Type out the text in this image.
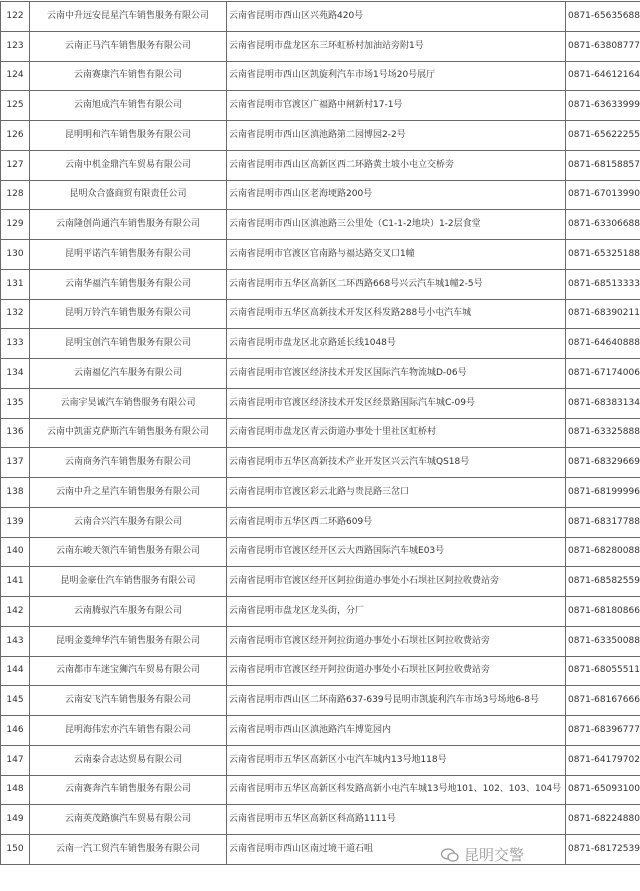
122	云南中升远安昆星汽车销售服务有限公司	云南省昆明市西山区兴苑路420号	0871-65635688
123	云南正马汽车销售服务有限公司	云南省昆明市盘龙区东三环虹桥村加油站旁附1号	0871-63808777
124	云南赛康汽车销售有限公司	云南省昆明市西山区凯旋利汽车市场1号场20号展厅	0871-64612164
125	云南旭成汽车销售有限公司	云南省昆明市官渡区广福路中闸新村17-1号	0871-63633999
126	昆明明和汽车销售服务有限公司	云南省昆明市西山区滇池路第二园博园2-2号	0871-65622255
127	云南中机金鼎汽车贸易有限公司	云南省昆明市西山区高新区西二环路黄土坡小屯立交桥旁	0871-68158857
128	昆明众合盛商贸有限责任公司	云南省昆明市西山区老海埂路200号	0871-67013990
129	云南隆创尚通汽车销售服务有限公司	云南省昆明市西山区滇池路三公里处（C1-1-2地块）1-2层食堂	0871-63306688
130	昆明平诺汽车销售服务有限公司	云南省昆明市官渡区官南路与福达路交叉口1幢	0871-65325188
131	云南华福汽车销售服务有限公司	云南省昆明市五华区高新区二环西路668号兴云汽车城1幢2-5号	0871-68513333
132	昆明万铃汽车销售服务有限公司	云南省昆明市五华区高新技术开发区科发路288号小屯汽车城	0871-68390211
133	昆明宝创汽车销售服务有限公司	云南省昆明市盘龙区北京路延长线1048号	0871-64640888
134	云南福亿汽车服务有限公司	云南省昆明市官渡区经济技术开发区国际汽车物流城D-06号	0871-67174006
135	云南宇昊诚汽车销售服务有限公司	云南省昆明市官渡区经济技术开发区经景路国际汽车城C-09号	0871-68383134
136	云南中凯雷克萨斯汽车销售服务有限公司	云南省昆明市盘龙区青云街道办事处十里社区虹桥村	0871-63325888
137	云南商务汽车销售服务有限公司	云南省昆明市五华区高新技术产业开发区兴云汽车城QS18号	0871-68329669
138	云南中升之星汽车销售服务有限公司	云南省昆明市官渡区彩云北路与贵昆路三岔口	0871-68199996
139	云南合兴汽车服务有限公司	云南省昆明市五华区西二环路609号	0871-68317788
140	云南东峻天领汽车销售服务有限公司	云南省昆明市官渡区经开区云大西路国际汽车城E03号	0871-68280088
141	昆明金豪仕汽车销售服务有限公司	云南省昆明市官渡区经开区阿拉街道办事处小石坝社区阿拉收费站旁	0871-68582559
142	云南腾驭汽车服务有限公司	云南省昆明市盘龙区龙头街，分厂	0871-68180866
143	昆明金菱绅华汽车销售服务有限公司	云南省昆明市官渡区经开阿拉街道办事处小石坝社区阿拉收费站旁	0871-63350088
144	云南都市车迷宝狮汽车贸易有限公司	云南省昆明市官渡区经开阿拉街道办事处小石坝社区阿拉收费站旁	0871-68055511
145	云南安飞汽车销售服务有限公司	云南省昆明市西山区二环南路637-639号昆明市凯旋利汽车市场3号场地6-8号	0871-68167666
146	昆明海伟宏亦汽车销售有限公司	云南省昆明市西山区滇池路汽车博览园内	0871-68396777
147	云南泰合志达贸易有限公司	云南省昆明市五华区高新区小屯汽车城内13号地118号	0871-64179702
148	云南赛奔汽车销售服务有限公司	云南省昆明市五华区高新区科发路高新小屯汽车城13号地101、102、103、104号	0871-65093100
149	云南英茂路旗汽车贸易有限公司	云南省昆明市五华区高新区科高路1111号	0871-68224880
150	云南一汽工贸汽车销售服务有限公司	云南省昆明市西山区南过境干道石咀	0871-68172539
昆明交警
